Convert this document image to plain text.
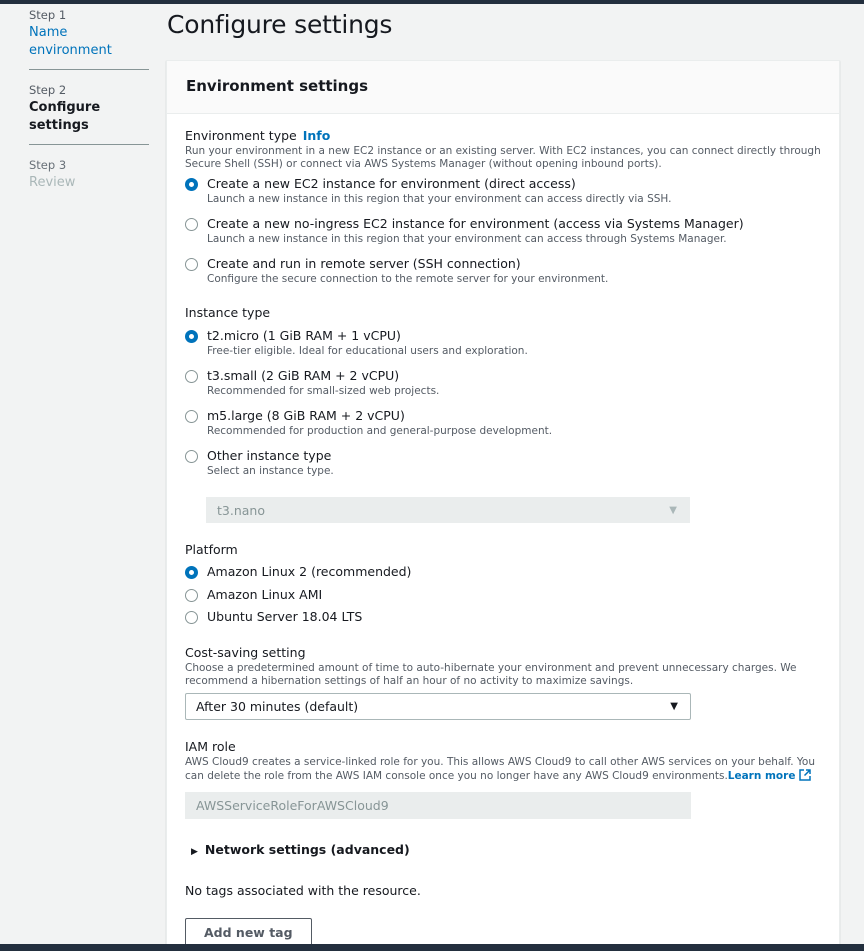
Step 1
Name environment
Step 2
Configure settings
Step 3
Review
Configure settings
Environment settings
Environment type Info
Run your environment in a new EC2 instance or an existing server. With EC2 instances, you can connect directly through Secure Shell (SSH) or connect via AWS Systems Manager (without opening inbound ports).
Create a new EC2 instance for environment (direct access)
Launch a new instance in this region that your environment can access directly via SSH.
Create a new no-ingress EC2 instance for environment (access via Systems Manager)
Launch a new instance in this region that your environment can access through Systems Manager.
Create and run in remote server (SSH connection)
Configure the secure connection to the remote server for your environment.
Instance type
t2.micro (1 GiB RAM + 1 vCPU)
Free-tier eligible. Ideal for educational users and exploration.
t3.small (2 GiB RAM + 2 vCPU)
Recommended for small-sized web projects.
m5.large (8 GiB RAM + 2 vCPU)
Recommended for production and general-purpose development.
Other instance type
Select an instance type.
t3.nano	▼
Platform
Amazon Linux 2 (recommended)
Amazon Linux AMI
Ubuntu Server 18.04 LTS
Cost-saving setting
Choose a predetermined amount of time to auto-hibernate your environment and prevent unnecessary charges. We recommend a hibernation settings of half an hour of no activity to maximize savings.
After 30 minutes (default)	▼
IAM role
AWS Cloud9 creates a service-linked role for you. This allows AWS Cloud9 to call other AWS services on your behalf. You can delete the role from the AWS IAM console once you no longer have any AWS Cloud9 environments.Learn more
AWSServiceRoleForAWSCloud9
▶ Network settings (advanced)
No tags associated with the resource.
Add new tag
